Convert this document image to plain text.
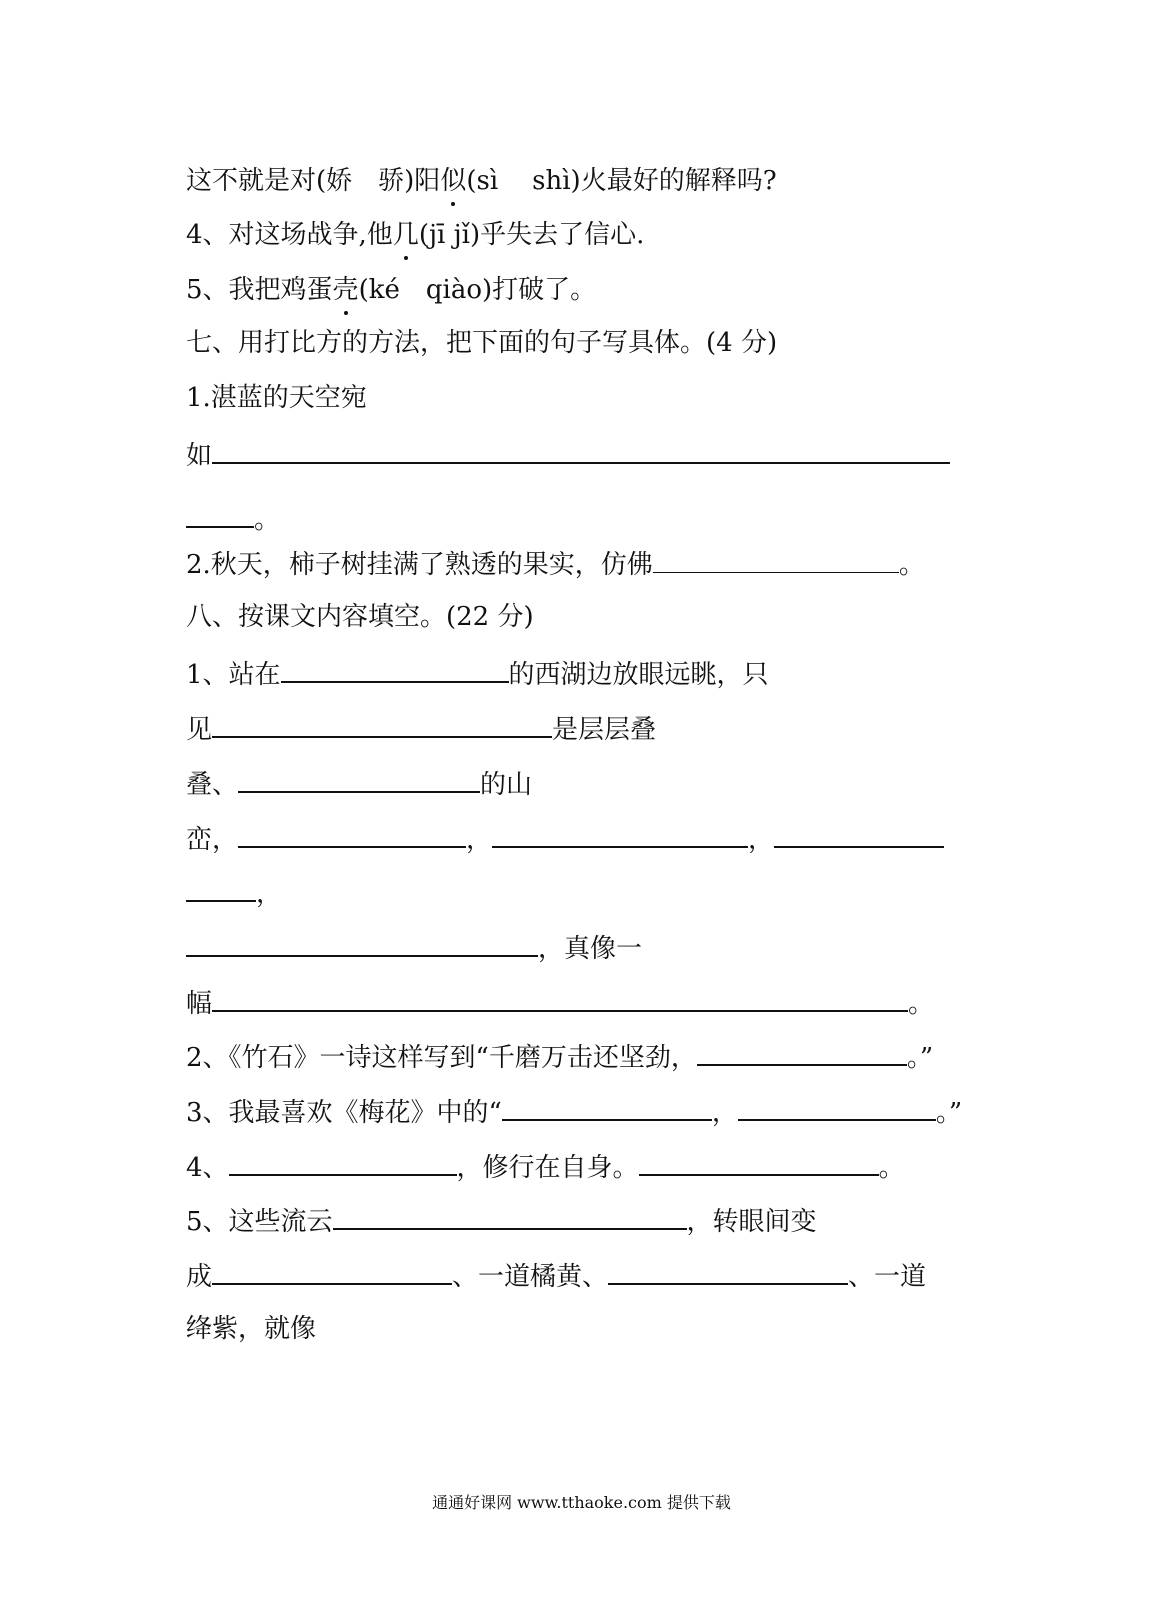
这不就是对(娇 骄)阳似(sì shì)火最好的解释吗?
4、对这场战争,他几(jī jǐ)乎失去了信心.
5、我把鸡蛋壳(ké qiào)打破了。
七、用打比方的方法，把下面的句子写具体。(4 分)
1.湛蓝的天空宛
如
。
2.秋天，柿子树挂满了熟透的果实，仿佛	。
八、按课文内容填空。(22 分)
1、站在	的西湖边放眼远眺，只
见	是层层叠
叠、	的山
峦，	，	，
，
，真像一
幅	。
2、《竹石》一诗这样写到“千磨万击还坚劲，	。”
3、我最喜欢《梅花》中的“	，	。”
4、	，修行在自身。	。
5、这些流云	，转眼间变
成	、一道橘黄、	、一道
绛紫，就像
通通好课网 www.tthaoke.com 提供下载
